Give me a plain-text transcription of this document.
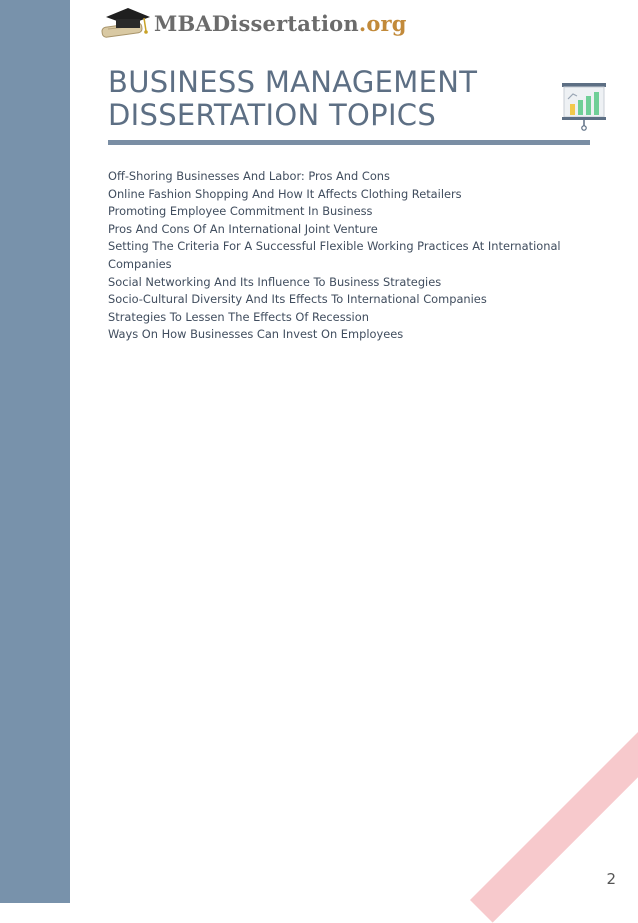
MBADissertation.org
BUSINESS MANAGEMENT
DISSERTATION TOPICS
Off-Shoring Businesses And Labor: Pros And Cons
Online Fashion Shopping And How It Affects Clothing Retailers
Promoting Employee Commitment In Business
Pros And Cons Of An International Joint Venture
Setting The Criteria For A Successful Flexible Working Practices At International Companies
Social Networking And Its Influence To Business Strategies
Socio-Cultural Diversity And Its Effects To International Companies
Strategies To Lessen The Effects Of Recession
Ways On How Businesses Can Invest On Employees
2
